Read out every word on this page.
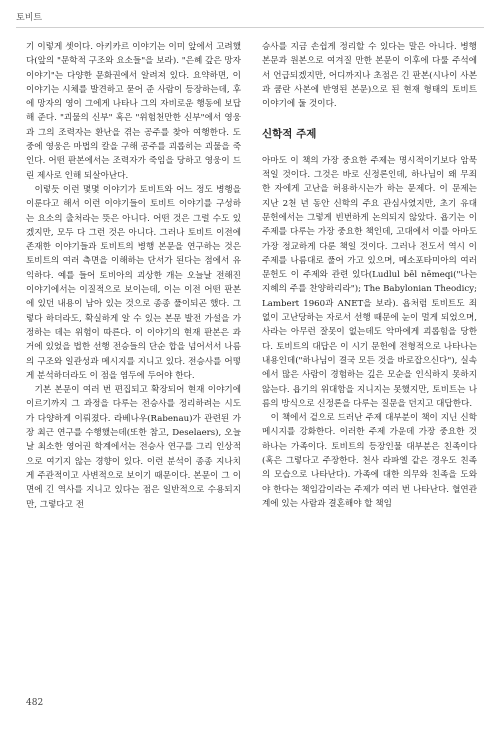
토비트

기 이렇게 셋이다. 아키카르 이야기는 이미 앞에서 고려했다(앞의 "문학적 구조와 요소들"을 보라). "은혜 갚은 망자 이야기"는 다양한 문화권에서 알려져 있다. 요약하면, 이 이야기는 시체를 발견하고 묻어 준 사람이 등장하는데, 후에 망자의 영이 그에게 나타나 그의 자비로운 행동에 보답해 준다. "괴물의 신부" 혹은 "위험천만한 신부"에서 영웅과 그의 조력자는 환난을 겪는 공주를 찾아 여행한다. 도중에 영웅은 마법의 칼을 구해 공주를 괴롭히는 괴물을 죽인다. 어떤 판본에서는 조력자가 죽임을 당하고 영웅이 드린 제사로 인해 되살아난다.

이렇듯 이런 몇몇 이야기가 토비트와 어느 정도 병행을 이룬다고 해서 이런 이야기들이 토비트 이야기를 구성하는 요소의 출처라는 뜻은 아니다. 어떤 것은 그럴 수도 있겠지만, 모두 다 그런 것은 아니다. 그러나 토비트 이전에 존재한 이야기들과 토비트의 병행 본문을 연구하는 것은 토비트의 여러 측면을 이해하는 단서가 된다는 점에서 유익하다. 예를 들어 토비아의 괴상한 개는 오늘날 전해진 이야기에서는 이질적으로 보이는데, 이는 이전 어떤 판본에 있던 내용이 남아 있는 것으로 종종 풀이되곤 했다. 그렇다 하더라도, 확실하게 알 수 있는 본문 발전 가설을 가정하는 데는 위험이 따른다. 이 이야기의 현재 판본은 과거에 있었을 법한 선행 전승들의 단순 합을 넘어서서 나름의 구조와 일관성과 메시지를 지니고 있다. 전승사를 어떻게 분석하더라도 이 점을 염두에 두어야 한다.

기본 본문이 여러 번 편집되고 확장되어 현재 이야기에 이르기까지 그 과정을 다루는 전승사를 정리하려는 시도가 다양하게 이뤄졌다. 라베나우(Rabenau)가 관련된 가장 최근 연구를 수행했는데(또한 참고, Deselaers), 오늘날 최소한 영어권 학계에서는 전승사 연구를 그리 인상적으로 여기지 않는 경향이 있다. 이런 분석이 종종 지나치게 주관적이고 사변적으로 보이기 때문이다. 본문이 그 이면에 긴 역사를 지니고 있다는 점은 일반적으로 수용되지만, 그렇다고 전

승사를 지금 손쉽게 정리할 수 있다는 말은 아니다. 병행 본문과 원본으로 여겨질 만한 본문이 이후에 다룰 주석에서 언급되겠지만, 어디까지나 초점은 긴 판본(시나이 사본과 쿰란 사본에 반영된 본문)으로 된 현재 형태의 토비트 이야기에 둘 것이다.

신학적 주제

아마도 이 책의 가장 중요한 주제는 명시적이기보다 암묵적일 것이다. 그것은 바로 신정론인데, 하나님이 왜 무죄한 자에게 고난을 허용하시는가 하는 문제다. 이 문제는 지난 2천 년 동안 신학의 주요 관심사였지만, 초기 유대 문헌에서는 그렇게 빈번하게 논의되지 않았다. 욥기는 이 주제를 다루는 가장 중요한 책인데, 고대에서 이를 아마도 가장 정교하게 다룬 책일 것이다. 그러나 전도서 역시 이 주제를 나름대로 풀어 가고 있으며, 메소포타미아의 여러 문헌도 이 주제와 관련 있다(Ludlul bēl nēmeqi("나는 지혜의 주를 찬양하리라"); The Babylonian Theodicy; Lambert 1960과 ANET을 보라). 욥처럼 토비트도 죄 없이 고난당하는 자로서 선행 때문에 눈이 멀게 되었으며, 사라는 아무런 잘못이 없는데도 악마에게 괴롭힘을 당한다. 토비트의 대답은 이 시기 문헌에 전형적으로 나타나는 내용인데("하나님이 결국 모든 것을 바로잡으신다"), 실속에서 많은 사람이 경험하는 깊은 모순을 인식하지 못하지 않는다. 욥기의 위대함을 지니지는 못했지만, 토비트는 나름의 방식으로 신정론을 다루는 질문을 던지고 대답한다.

이 책에서 겉으로 드러난 주제 대부분이 책이 지닌 신학 메시지를 강화한다. 이러한 주제 가운데 가장 중요한 것 하나는 가족이다. 토비트의 등장인물 대부분은 친족이다(혹은 그렇다고 주장한다. 천사 라파엘 같은 경우도 친족의 모습으로 나타난다). 가족에 대한 의무와 친족을 도와야 한다는 책임감이라는 주제가 여러 번 나타난다. 혈연관계에 있는 사람과 결혼해야 할 책임

482
